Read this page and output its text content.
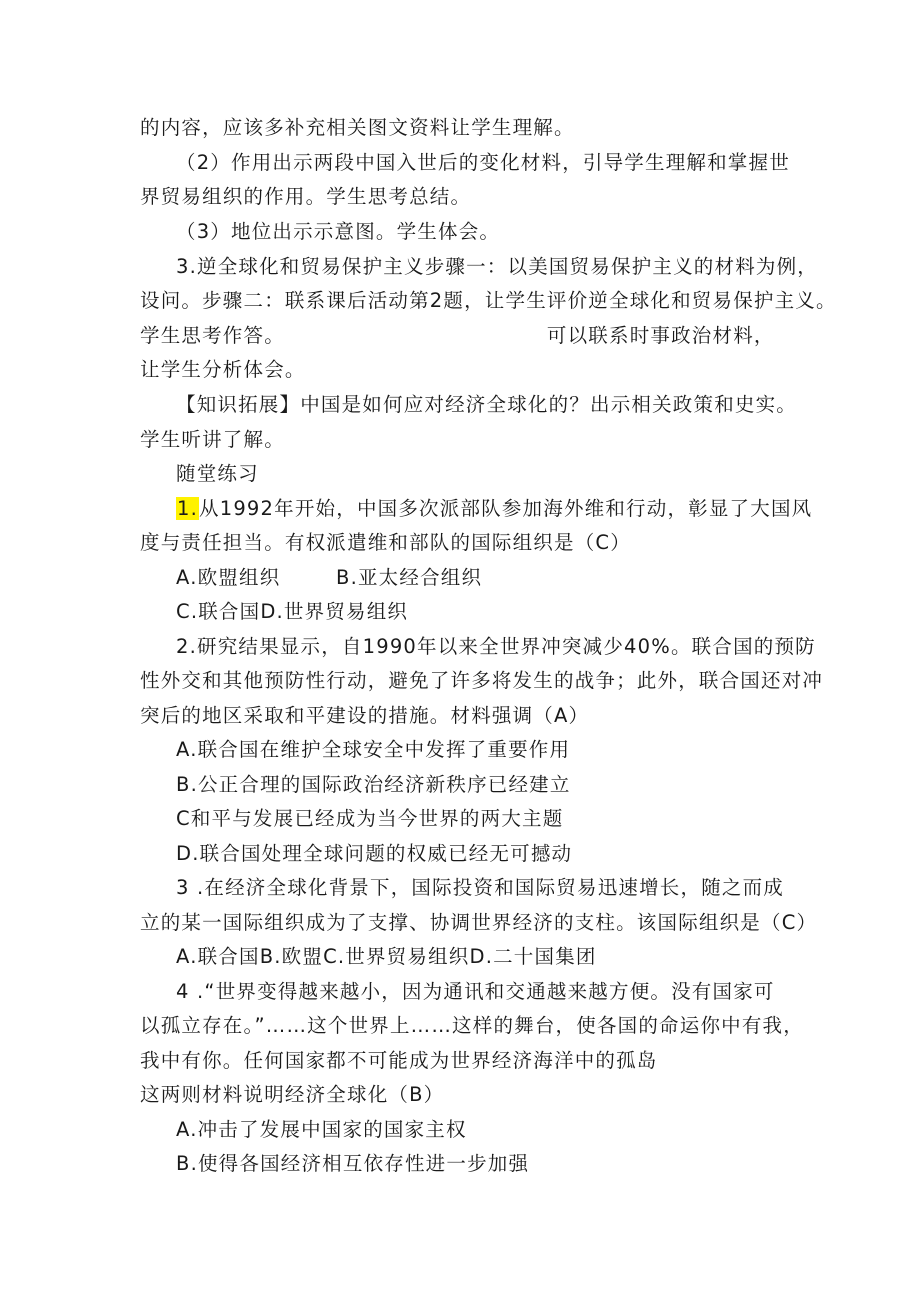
的内容，应该多补充相关图文资料让学生理解。
（2）作用出示两段中国入世后的变化材料，引导学生理解和掌握世
界贸易组织的作用。学生思考总结。
（3）地位出示示意图。学生体会。
3.逆全球化和贸易保护主义步骤一：以美国贸易保护主义的材料为例，
设问。步骤二：联系课后活动第2题，让学生评价逆全球化和贸易保护主义。
学生思考作答。	可以联系时事政治材料，
让学生分析体会。
【知识拓展】中国是如何应对经济全球化的？出示相关政策和史实。
学生听讲了解。
随堂练习
1.从1992年开始，中国多次派部队参加海外维和行动，彰显了大国风
度与责任担当。有权派遣维和部队的国际组织是（C）
A.欧盟组织	B.亚太经合组织
C.联合国D.世界贸易组织
2.研究结果显示，自1990年以来全世界冲突减少40%。联合国的预防
性外交和其他预防性行动，避免了许多将发生的战争；此外，联合国还对冲
突后的地区采取和平建设的措施。材料强调（A）
A.联合国在维护全球安全中发挥了重要作用
B.公正合理的国际政治经济新秩序已经建立
C和平与发展已经成为当今世界的两大主题
D.联合国处理全球问题的权威已经无可撼动
3 .在经济全球化背景下，国际投资和国际贸易迅速增长，随之而成
立的某一国际组织成为了支撑、协调世界经济的支柱。该国际组织是（C）
A.联合国B.欧盟C.世界贸易组织D.二十国集团
4 .“世界变得越来越小，因为通讯和交通越来越方便。没有国家可
以孤立存在。”……这个世界上……这样的舞台，使各国的命运你中有我，
我中有你。任何国家都不可能成为世界经济海洋中的孤岛
这两则材料说明经济全球化（B）
A.冲击了发展中国家的国家主权
B.使得各国经济相互依存性进一步加强
